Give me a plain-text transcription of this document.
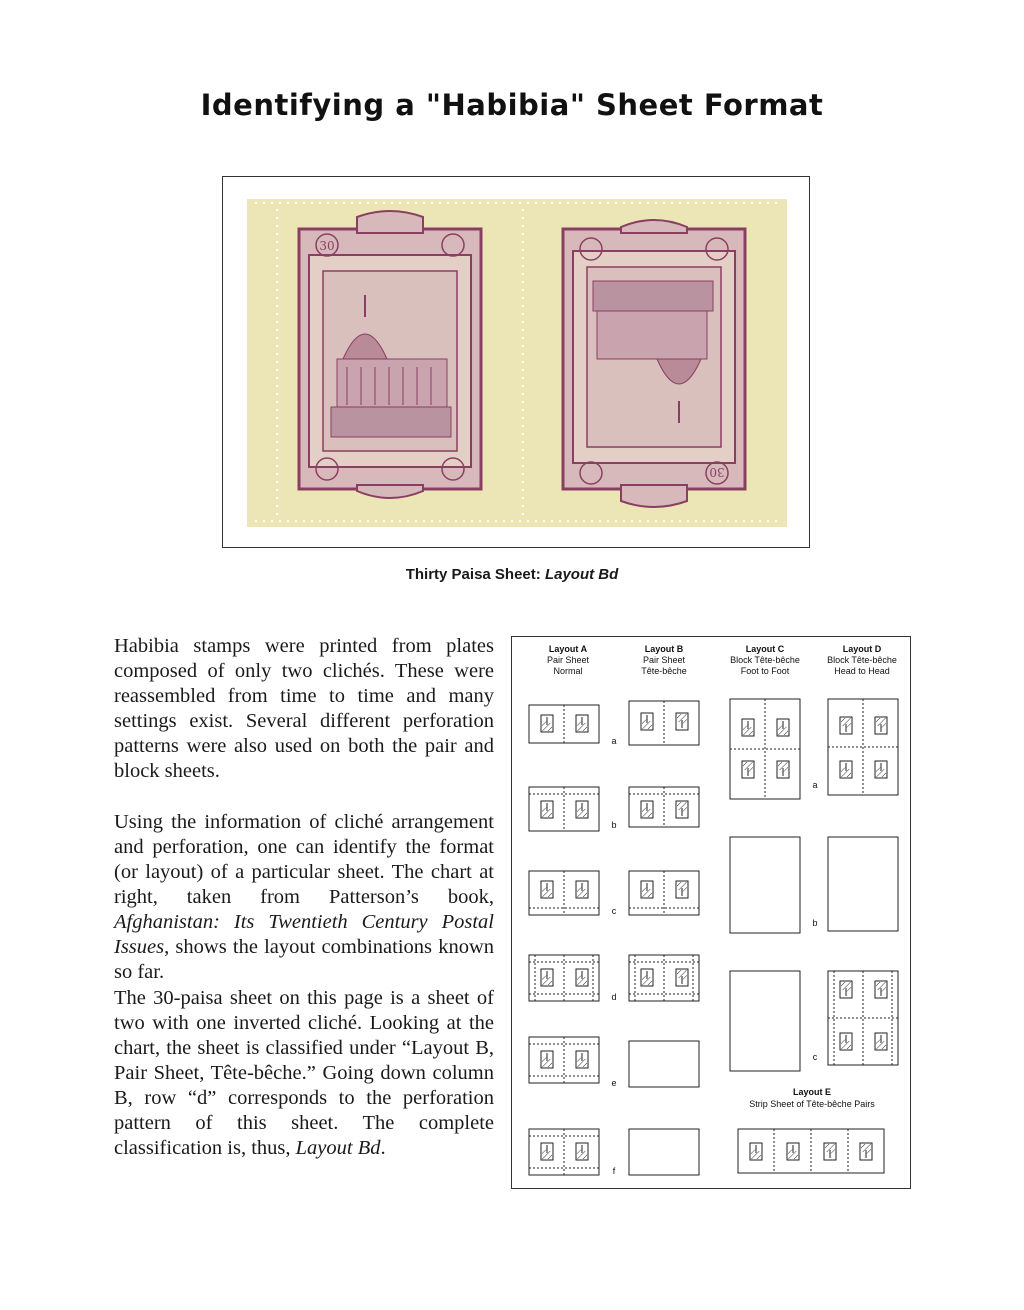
Identifying a "Habibia" Sheet Format
30
30
Thirty Paisa Sheet: Layout Bd

Habibia stamps were printed from plates composed of only two clichés. These were reassembled from time to time and many settings exist. Several different perforation patterns were also used on both the pair and block sheets.

Using the information of cliché arrangement and perforation, one can identify the format (or layout) of a particular sheet. The chart at right, taken from Patterson’s book, Afghanistan: Its Twentieth Century Postal Issues, shows the layout combinations known so far.

The 30-paisa sheet on this page is a sheet of two with one inverted cliché. Looking at the chart, the sheet is classified under “Layout B, Pair Sheet, Tête-bêche.” Going down column B, row “d” corresponds to the perforation pattern of this sheet. The complete classification is, thus, Layout Bd.

Layout A
Pair Sheet
Normal
Layout B
Pair Sheet
Tête-bêche
Layout C
Block Tête-bêche
Foot to Foot
Layout D
Block Tête-bêche
Head to Head
a
b
c
d
e
f
a
b
c
Layout E
Strip Sheet of Tête-bêche Pairs
